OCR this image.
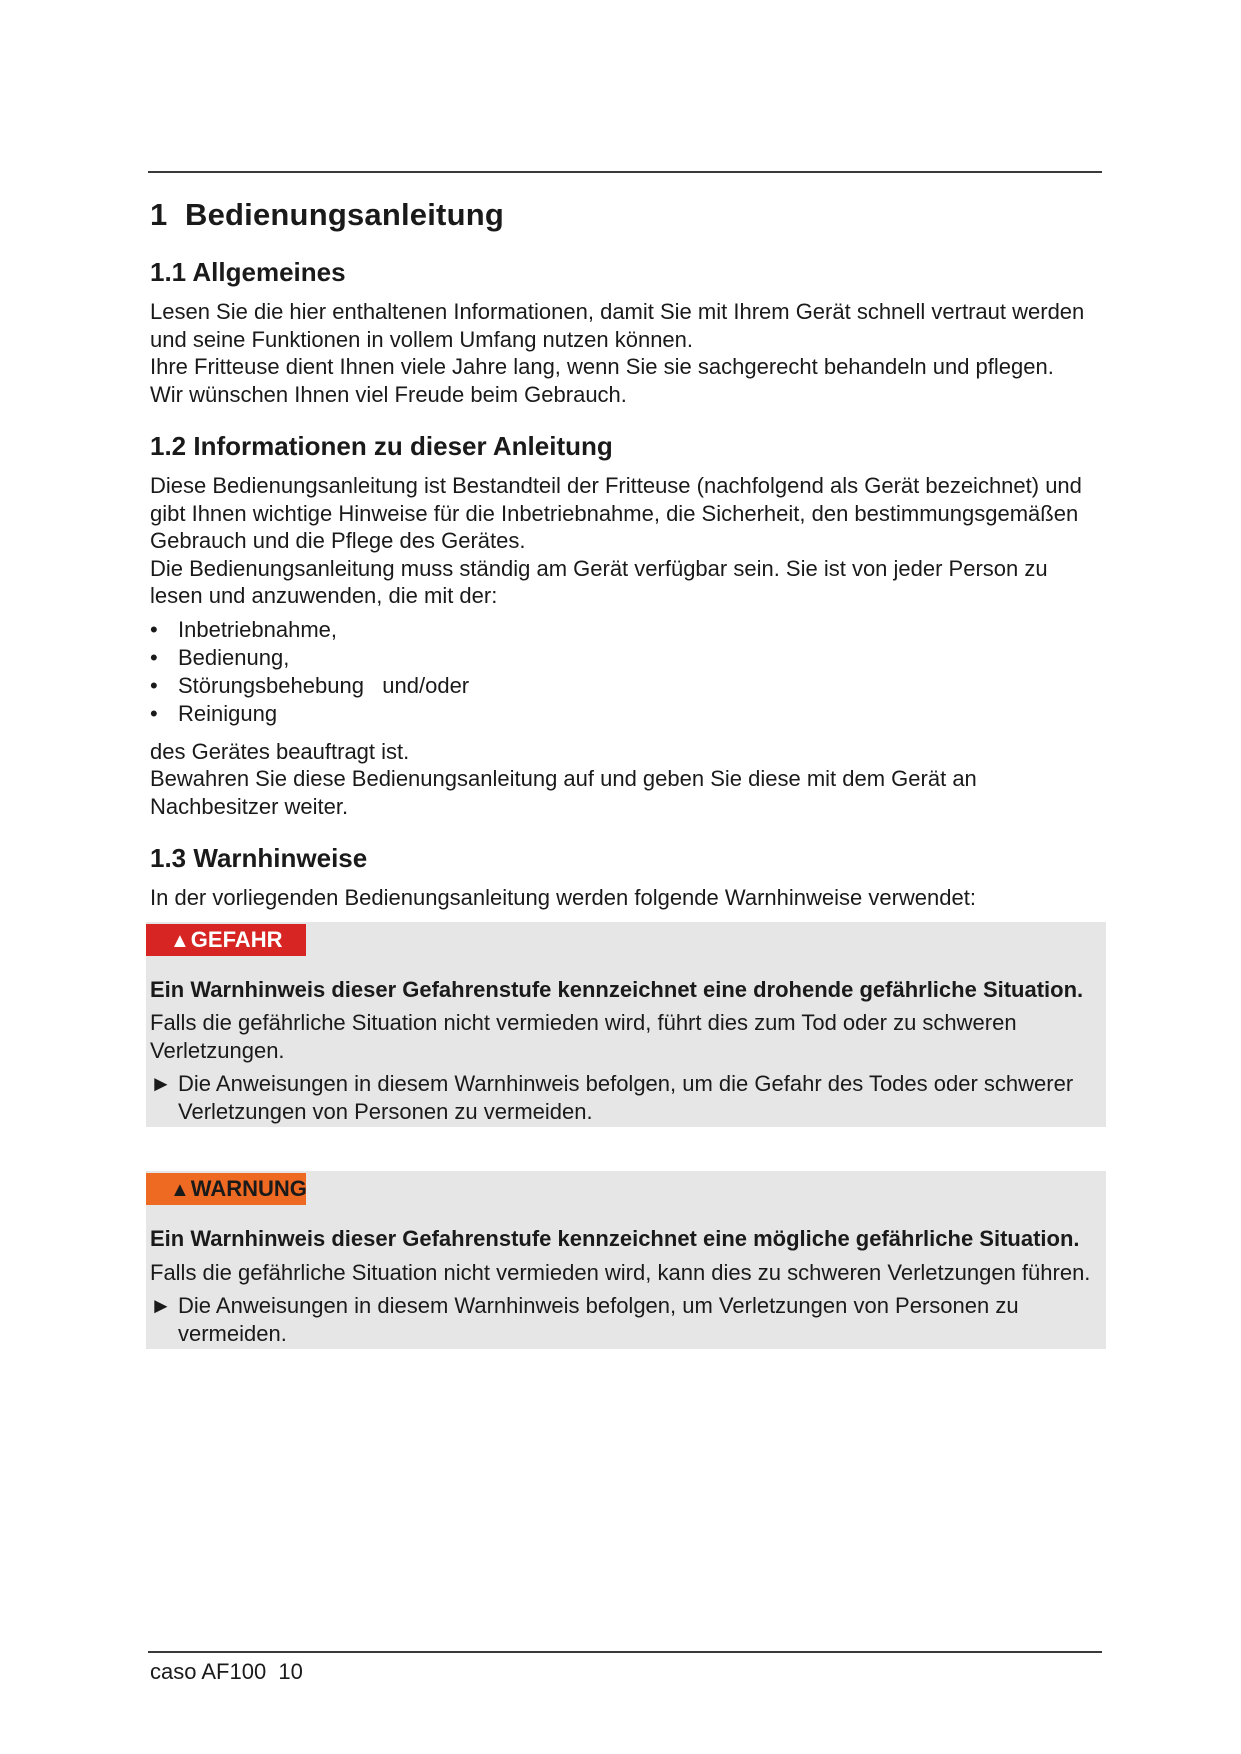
1 Bedienungsanleitung
1.1 Allgemeines

Lesen Sie die hier enthaltenen Informationen, damit Sie mit Ihrem Gerät schnell vertraut werden und seine Funktionen in vollem Umfang nutzen können.

Ihre Fritteuse dient Ihnen viele Jahre lang, wenn Sie sie sachgerecht behandeln und pflegen. Wir wünschen Ihnen viel Freude beim Gebrauch.

1.2 Informationen zu dieser Anleitung

Diese Bedienungsanleitung ist Bestandteil der Fritteuse (nachfolgend als Gerät bezeichnet) und gibt Ihnen wichtige Hinweise für die Inbetriebnahme, die Sicherheit, den bestimmungsgemäßen Gebrauch und die Pflege des Gerätes.

Die Bedienungsanleitung muss ständig am Gerät verfügbar sein. Sie ist von jeder Person zu lesen und anzuwenden, die mit der:

• Inbetriebnahme,
• Bedienung,
• Störungsbehebung   und/oder
• Reinigung

des Gerätes beauftragt ist.

Bewahren Sie diese Bedienungsanleitung auf und geben Sie diese mit dem Gerät an Nachbesitzer weiter.

1.3 Warnhinweise

In der vorliegenden Bedienungsanleitung werden folgende Warnhinweise verwendet:

▲GEFAHR

Ein Warnhinweis dieser Gefahrenstufe kennzeichnet eine drohende gefährliche Situation.

Falls die gefährliche Situation nicht vermieden wird, führt dies zum Tod oder zu schweren Verletzungen.

► Die Anweisungen in diesem Warnhinweis befolgen, um die Gefahr des Todes oder schwerer Verletzungen von Personen zu vermeiden.

▲WARNUNG

Ein Warnhinweis dieser Gefahrenstufe kennzeichnet eine mögliche gefährliche Situation.

Falls die gefährliche Situation nicht vermieden wird, kann dies zu schweren Verletzungen führen.

► Die Anweisungen in diesem Warnhinweis befolgen, um Verletzungen von Personen zu vermeiden.

caso AF100  10
